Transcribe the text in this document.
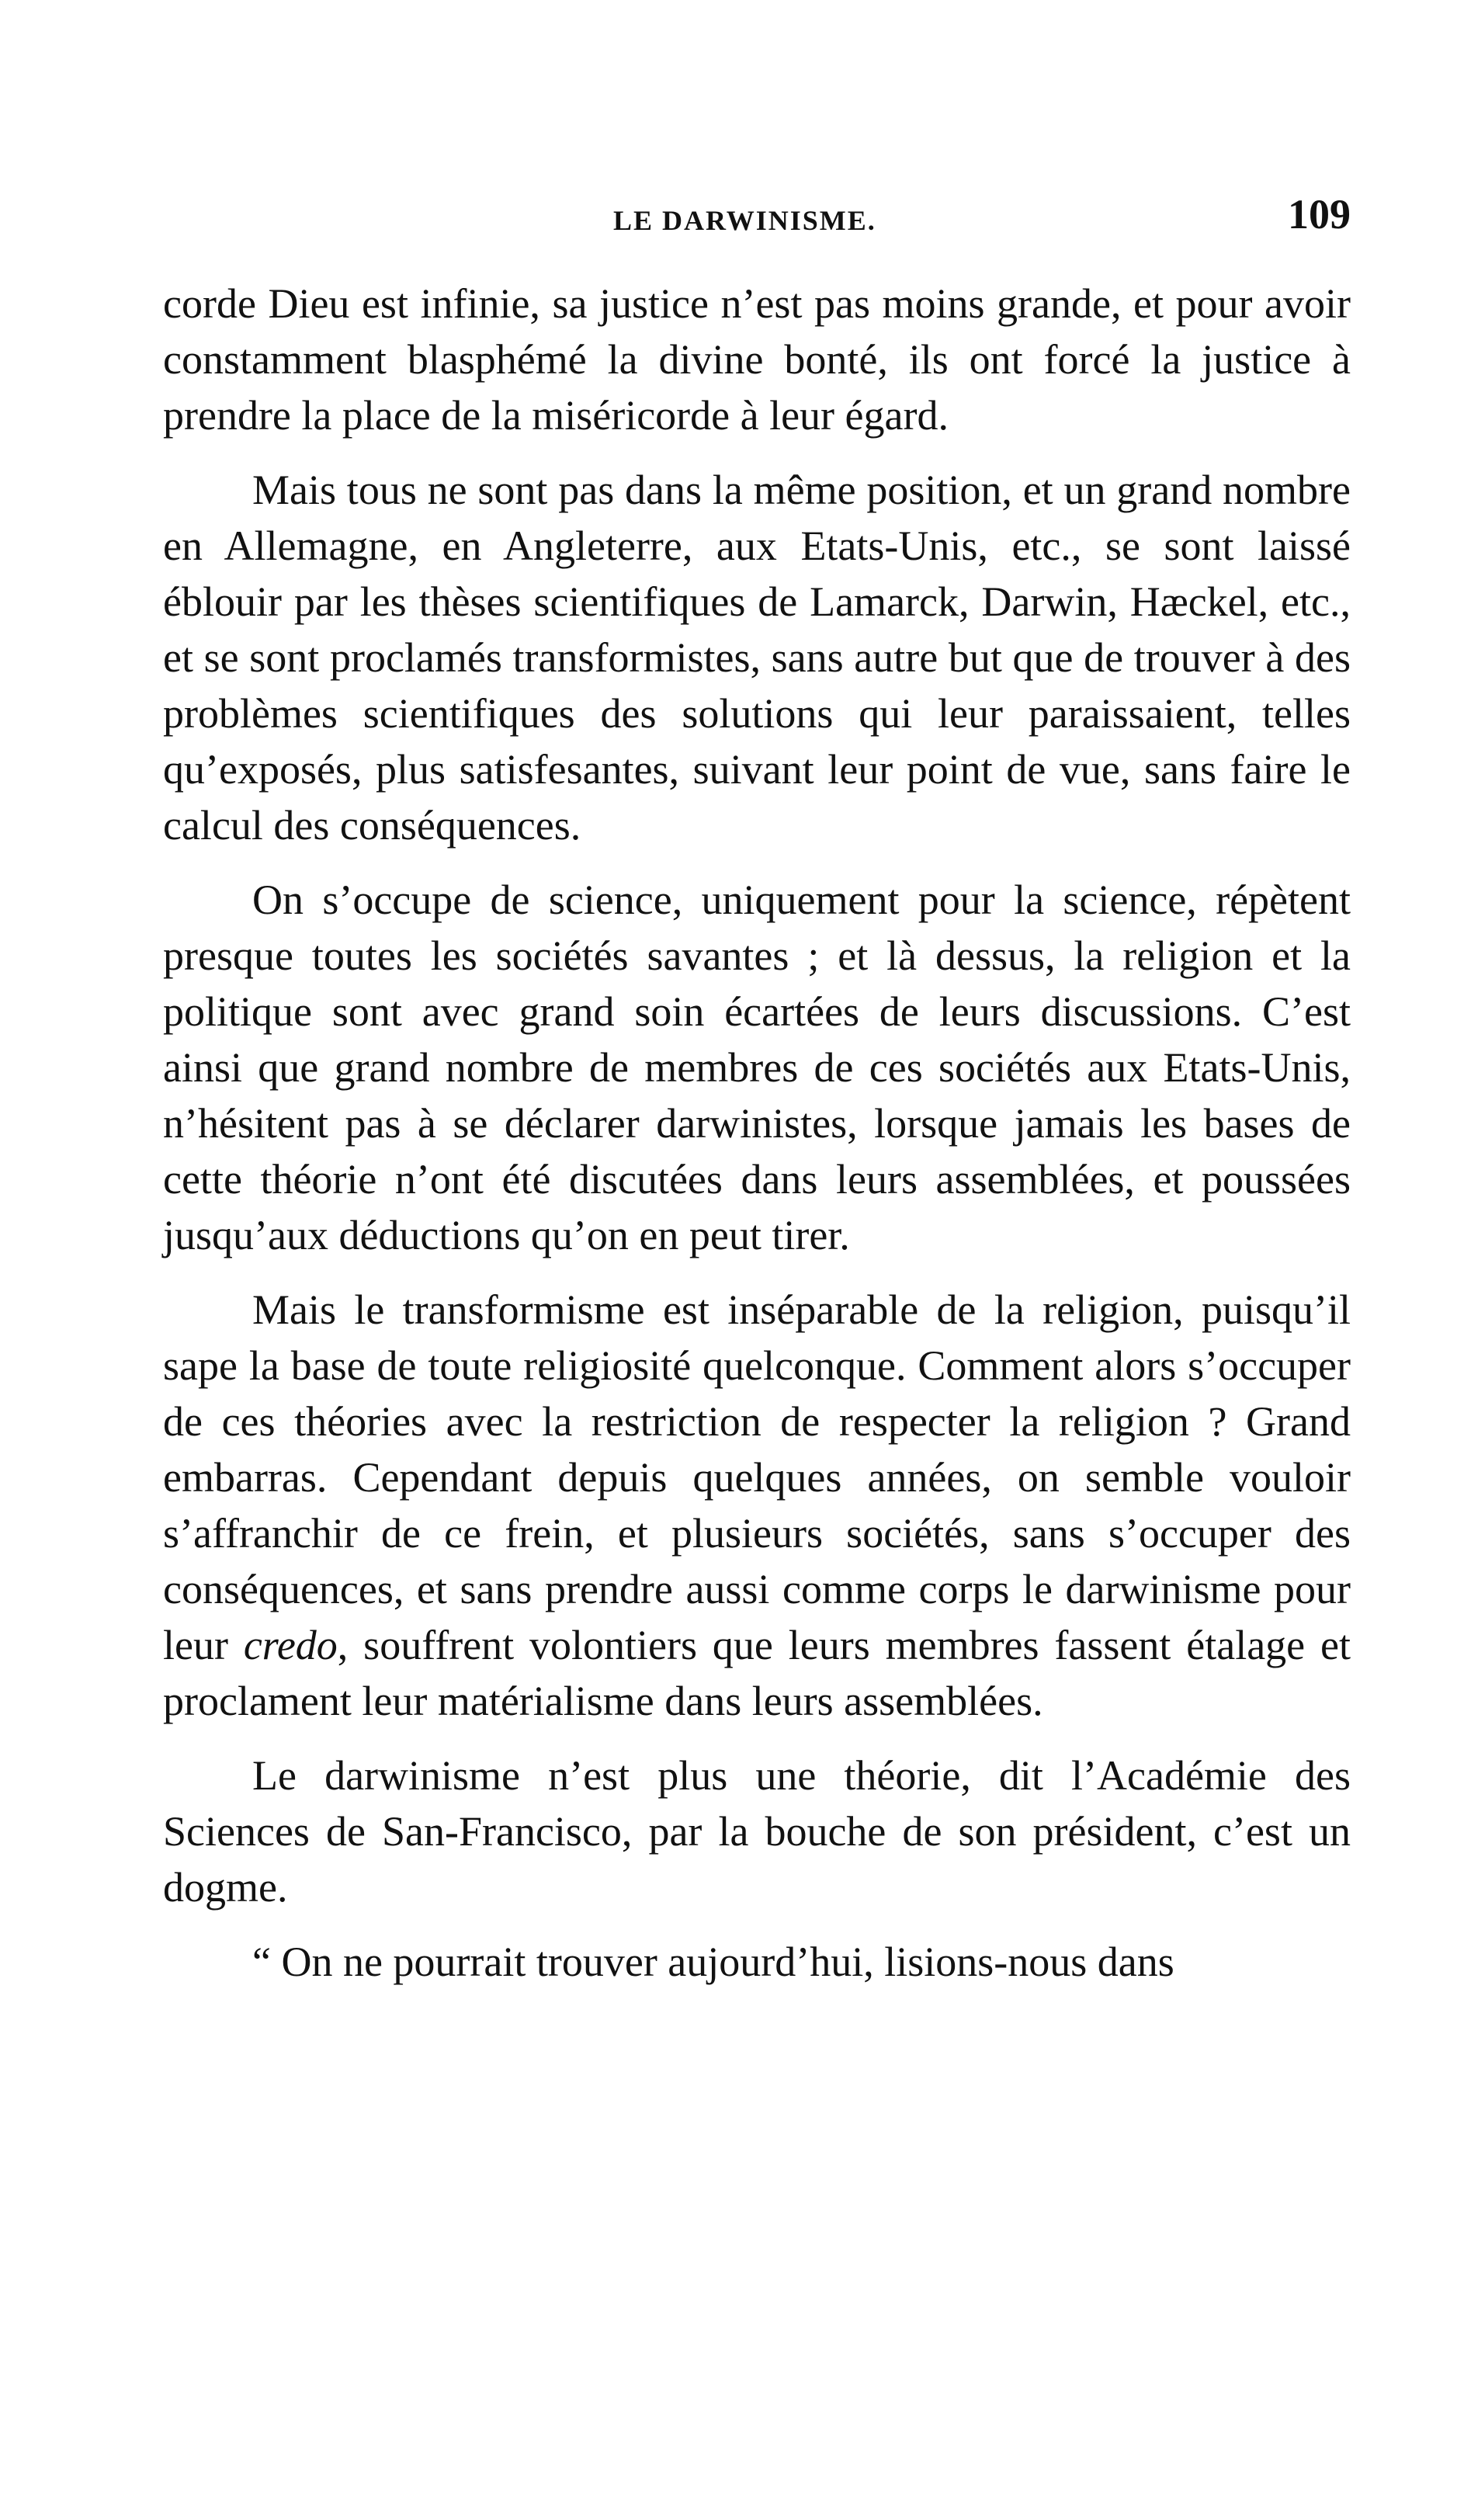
LE DARWINISME.	109

corde Dieu est infinie, sa justice n’est pas moins grande, et pour avoir constamment blasphémé la divine bonté, ils ont forcé la justice à prendre la place de la miséricorde à leur égard.

Mais tous ne sont pas dans la même position, et un grand nombre en Allemagne, en Angleterre, aux Etats-Unis, etc., se sont laissé éblouir par les thèses scientifiques de Lamarck, Darwin, Hæckel, etc., et se sont proclamés transformistes, sans autre but que de trouver à des problèmes scientifiques des solutions qui leur paraissaient, telles qu’exposés, plus satisfesantes, suivant leur point de vue, sans faire le calcul des conséquences.

On s’occupe de science, uniquement pour la science, répètent presque toutes les sociétés savantes ; et là dessus, la religion et la politique sont avec grand soin écartées de leurs discussions. C’est ainsi que grand nombre de membres de ces sociétés aux Etats-Unis, n’hésitent pas à se déclarer darwinistes, lorsque jamais les bases de cette théorie n’ont été discutées dans leurs assemblées, et poussées jusqu’aux déductions qu’on en peut tirer.

Mais le transformisme est inséparable de la religion, puisqu’il sape la base de toute religiosité quelconque. Comment alors s’occuper de ces théories avec la restriction de respecter la religion ? Grand embarras. Cependant depuis quelques années, on semble vouloir s’affranchir de ce frein, et plusieurs sociétés, sans s’occuper des conséquences, et sans prendre aussi comme corps le darwinisme pour leur credo, souffrent volontiers que leurs membres fassent étalage et proclament leur matérialisme dans leurs assemblées.

Le darwinisme n’est plus une théorie, dit l’Académie des Sciences de San-Francisco, par la bouche de son président, c’est un dogme.

“ On ne pourrait trouver aujourd’hui, lisions-nous dans
